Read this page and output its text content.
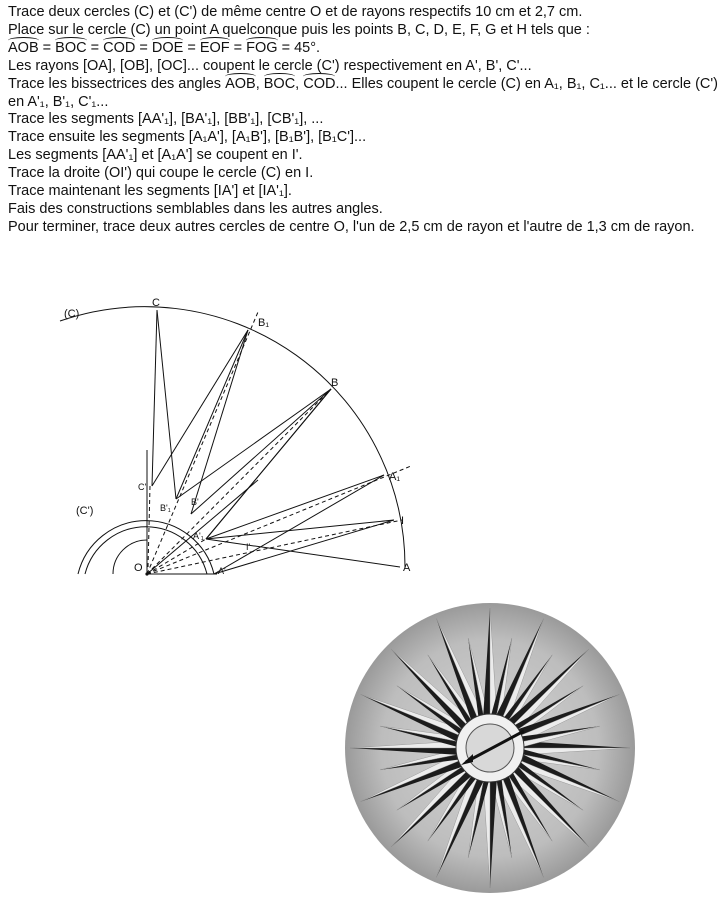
Trace deux cercles (C) et (C') de même centre O et de rayons respectifs 10 cm et 2,7 cm.

Place sur le cercle (C) un point A quelconque puis les points B, C, D, E, F, G et H tels que :

AOB = BOC = COD = DOE = EOF = FOG = 45°.

Les rayons [OA], [OB], [OC]... coupent le cercle (C') respectivement en A', B', C'...

Trace les bissectrices des angles AOB, BOC, COD... Elles coupent le cercle (C) en A₁, B₁, C₁... et le cercle (C') en A'₁, B'₁, C'₁...

Trace les segments [AA'₁], [BA'₁], [BB'₁], [CB'₁], ...

Trace ensuite les segments [A₁A'], [A₁B'], [B₁B'], [B₁C']...

Les segments [AA'₁] et [A₁A'] se coupent en I'.

Trace la droite (OI') qui coupe le cercle (C) en I.

Trace maintenant les segments [IA'] et [IA'₁].

Fais des constructions semblables dans les autres angles.

Pour terminer, trace deux autres cercles de centre O, l'un de 2,5 cm de rayon et l'autre de 1,3 cm de rayon.

(C)
(C')
O	A
B
C
I
A₁
B₁
A'
B'
C'
A'₁
B'₁
I'
